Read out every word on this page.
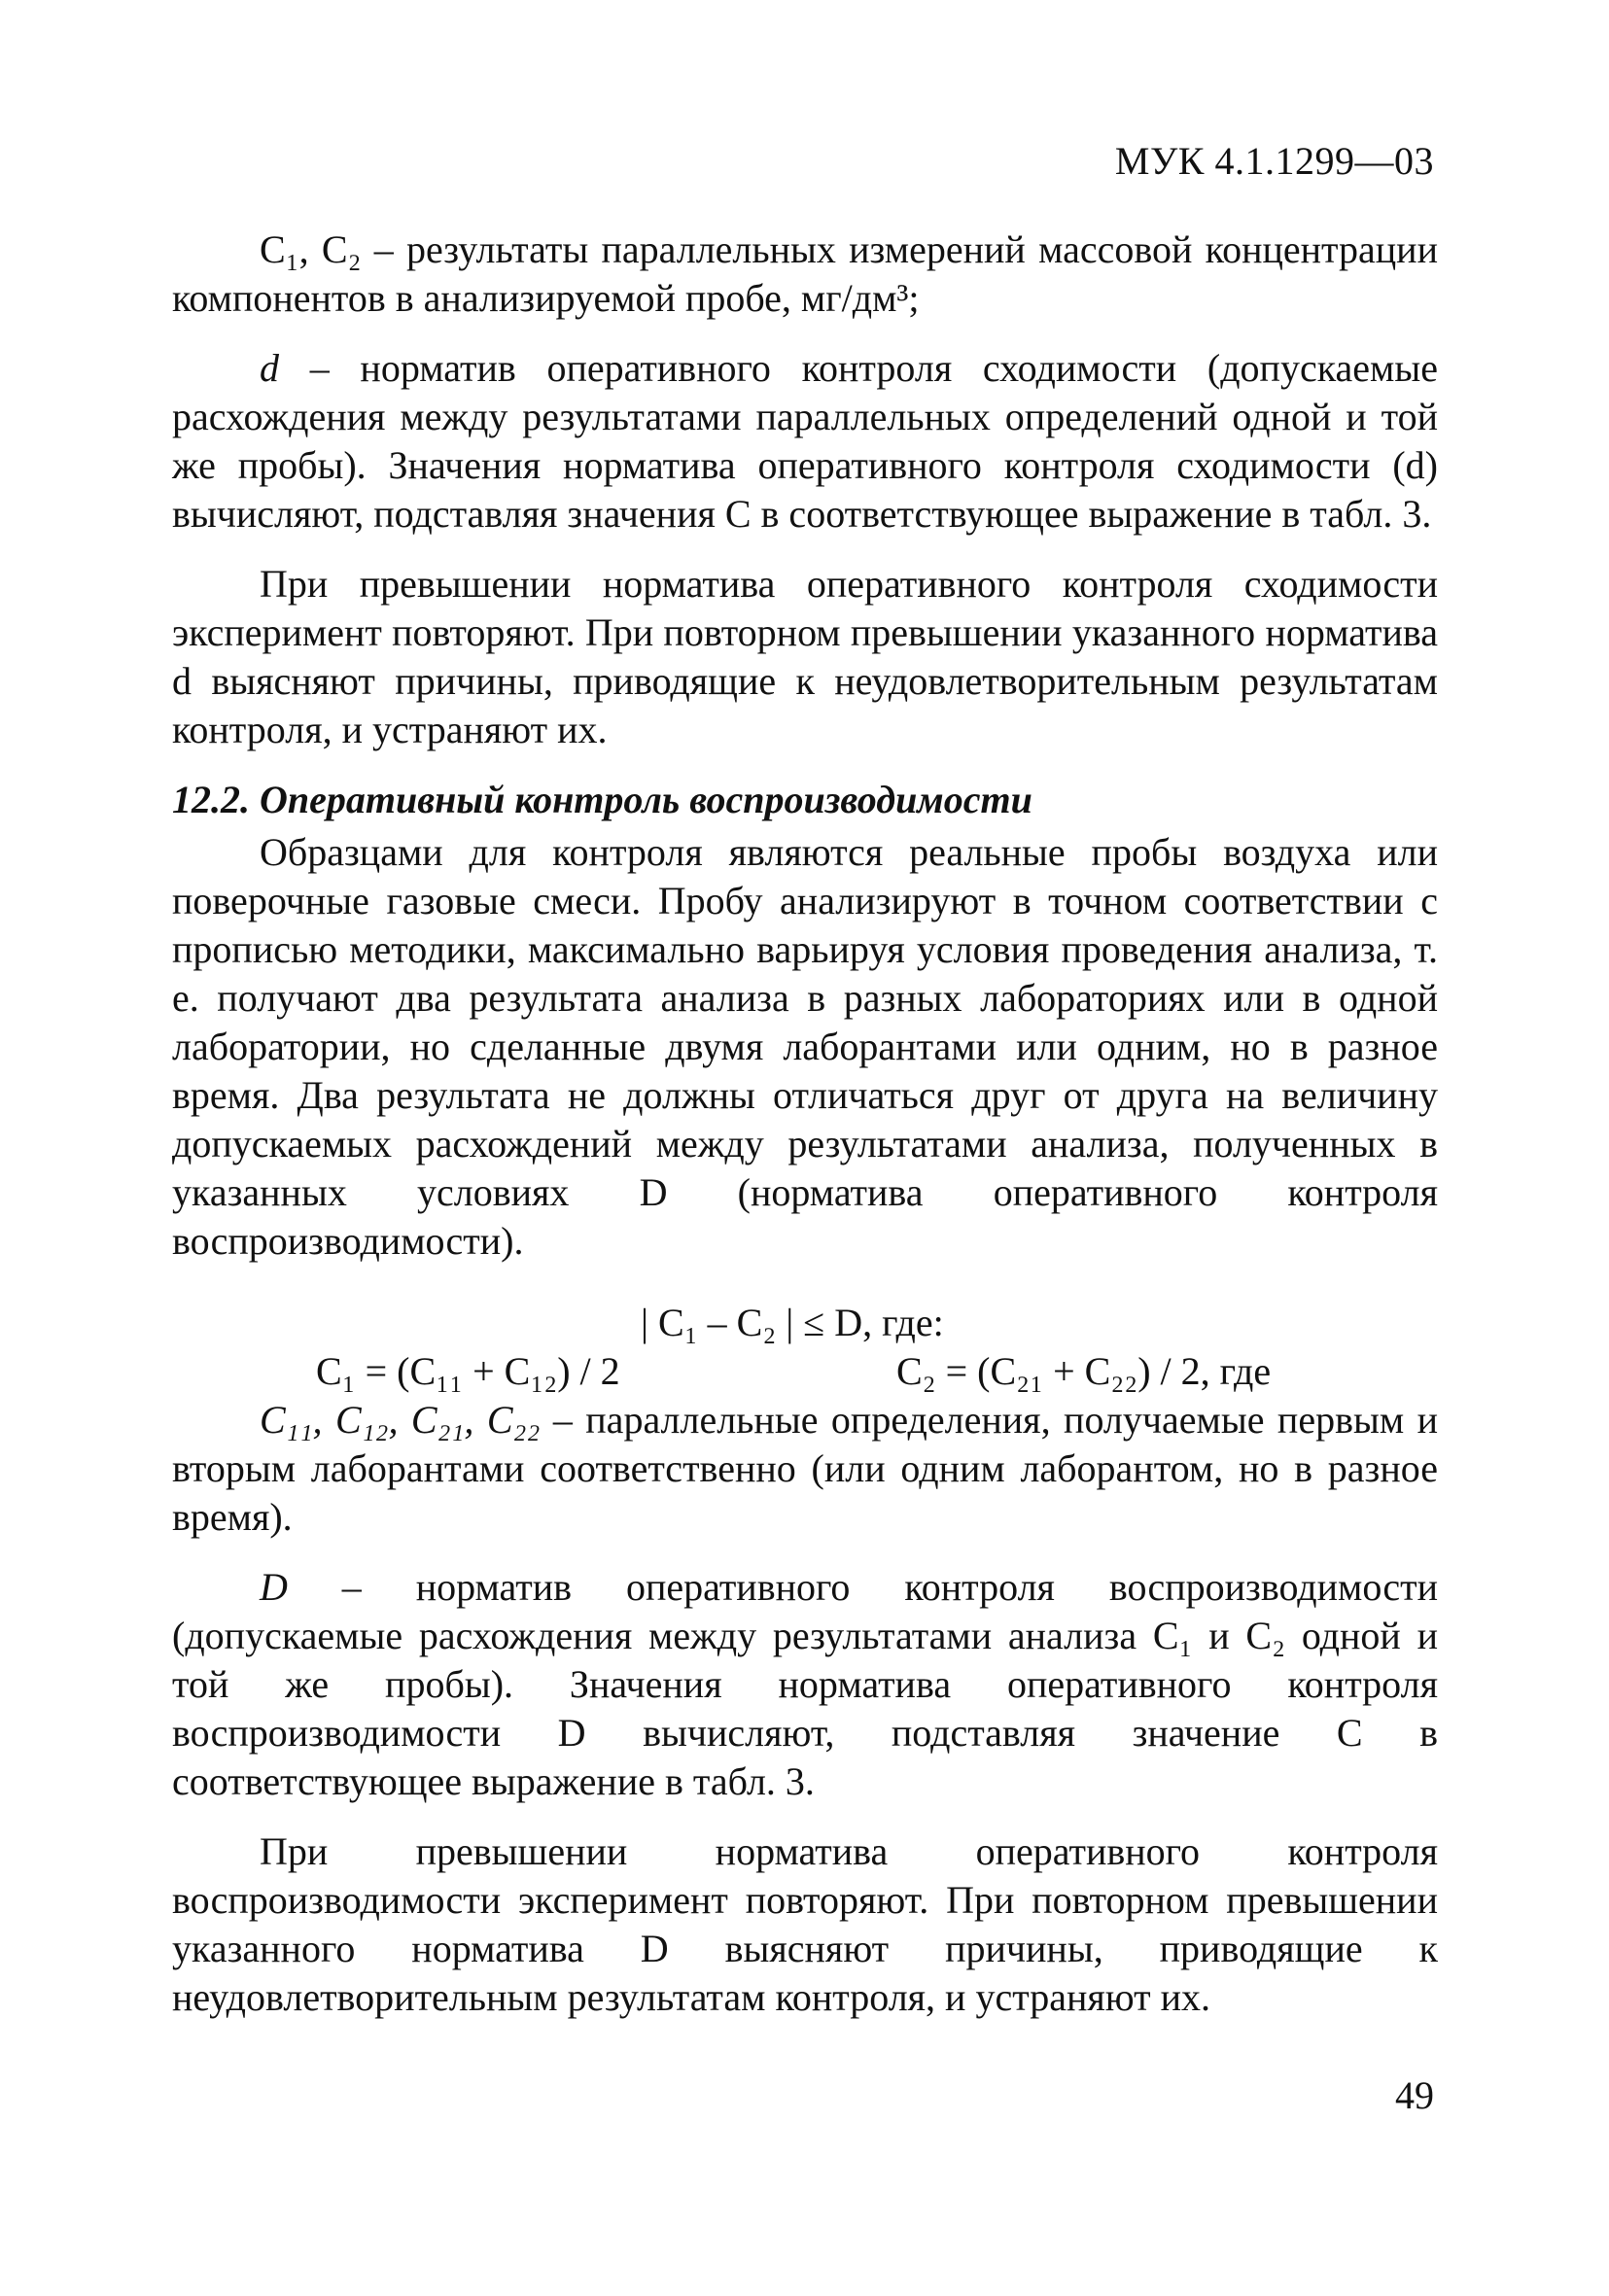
МУК 4.1.1299—03

C₁, C₂ – результаты параллельных измерений массовой концентрации компонентов в анализируемой пробе, мг/дм³;

d – норматив оперативного контроля сходимости (допускаемые расхождения между результатами параллельных определений одной и той же пробы). Значения норматива оперативного контроля сходимости (d) вычисляют, подставляя значения C в соответствующее выражение в табл. 3.

При превышении норматива оперативного контроля сходимости эксперимент повторяют. При повторном превышении указанного норматива d выясняют причины, приводящие к неудовлетворительным результатам контроля, и устраняют их.

12.2. Оперативный контроль воспроизводимости

Образцами для контроля являются реальные пробы воздуха или поверочные газовые смеси. Пробу анализируют в точном соответствии с прописью методики, максимально варьируя условия проведения анализа, т. е. получают два результата анализа в разных лабораториях или в одной лаборатории, но сделанные двумя лаборантами или одним, но в разное время. Два результата не должны отличаться друг от друга на величину допускаемых расхождений между результатами анализа, полученных в указанных условиях D (норматива оперативного контроля воспроизводимости).

| C₁ – C₂ | ≤ D, где:
C₁ = (C₁₁ + C₁₂) / 2	C₂ = (C₂₁ + C₂₂) / 2, где

C₁₁, C₁₂, C₂₁, C₂₂ – параллельные определения, получаемые первым и вторым лаборантами соответственно (или одним лаборантом, но в разное время).

D – норматив оперативного контроля воспроизводимости (допускаемые расхождения между результатами анализа C₁ и C₂ одной и той же пробы). Значения норматива оперативного контроля воспроизводимости D вычисляют, подставляя значение C в соответствующее выражение в табл. 3.

При превышении норматива оперативного контроля воспроизводимости эксперимент повторяют. При повторном превышении указанного норматива D выясняют причины, приводящие к неудовлетворительным результатам контроля, и устраняют их.

49
